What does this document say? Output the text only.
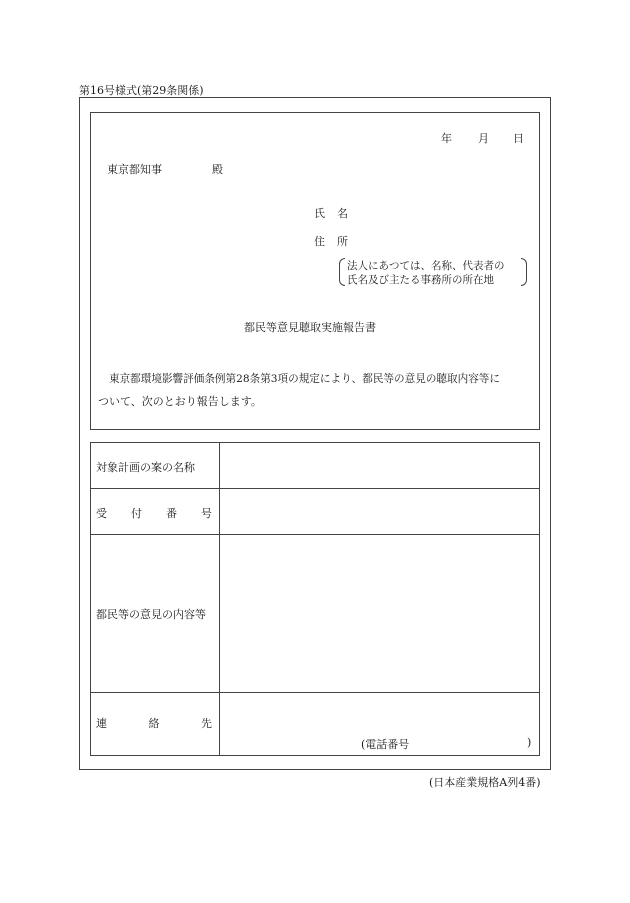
第16号様式(第29条関係)
年 月 日
東京都知事	殿
氏 名
住 所
法人にあつては、名称、代表者の
氏名及び主たる事務所の所在地
都民等意見聴取実施報告書
東京都環境影響評価条例第28条第3項の規定により、都民等の意見の聴取内容等に
ついて、次のとおり報告します。
対象計画の案の名称
受 付 番 号
都民等の意見の内容等
連	絡	先
(電話番号	)
(日本産業規格A列4番)
